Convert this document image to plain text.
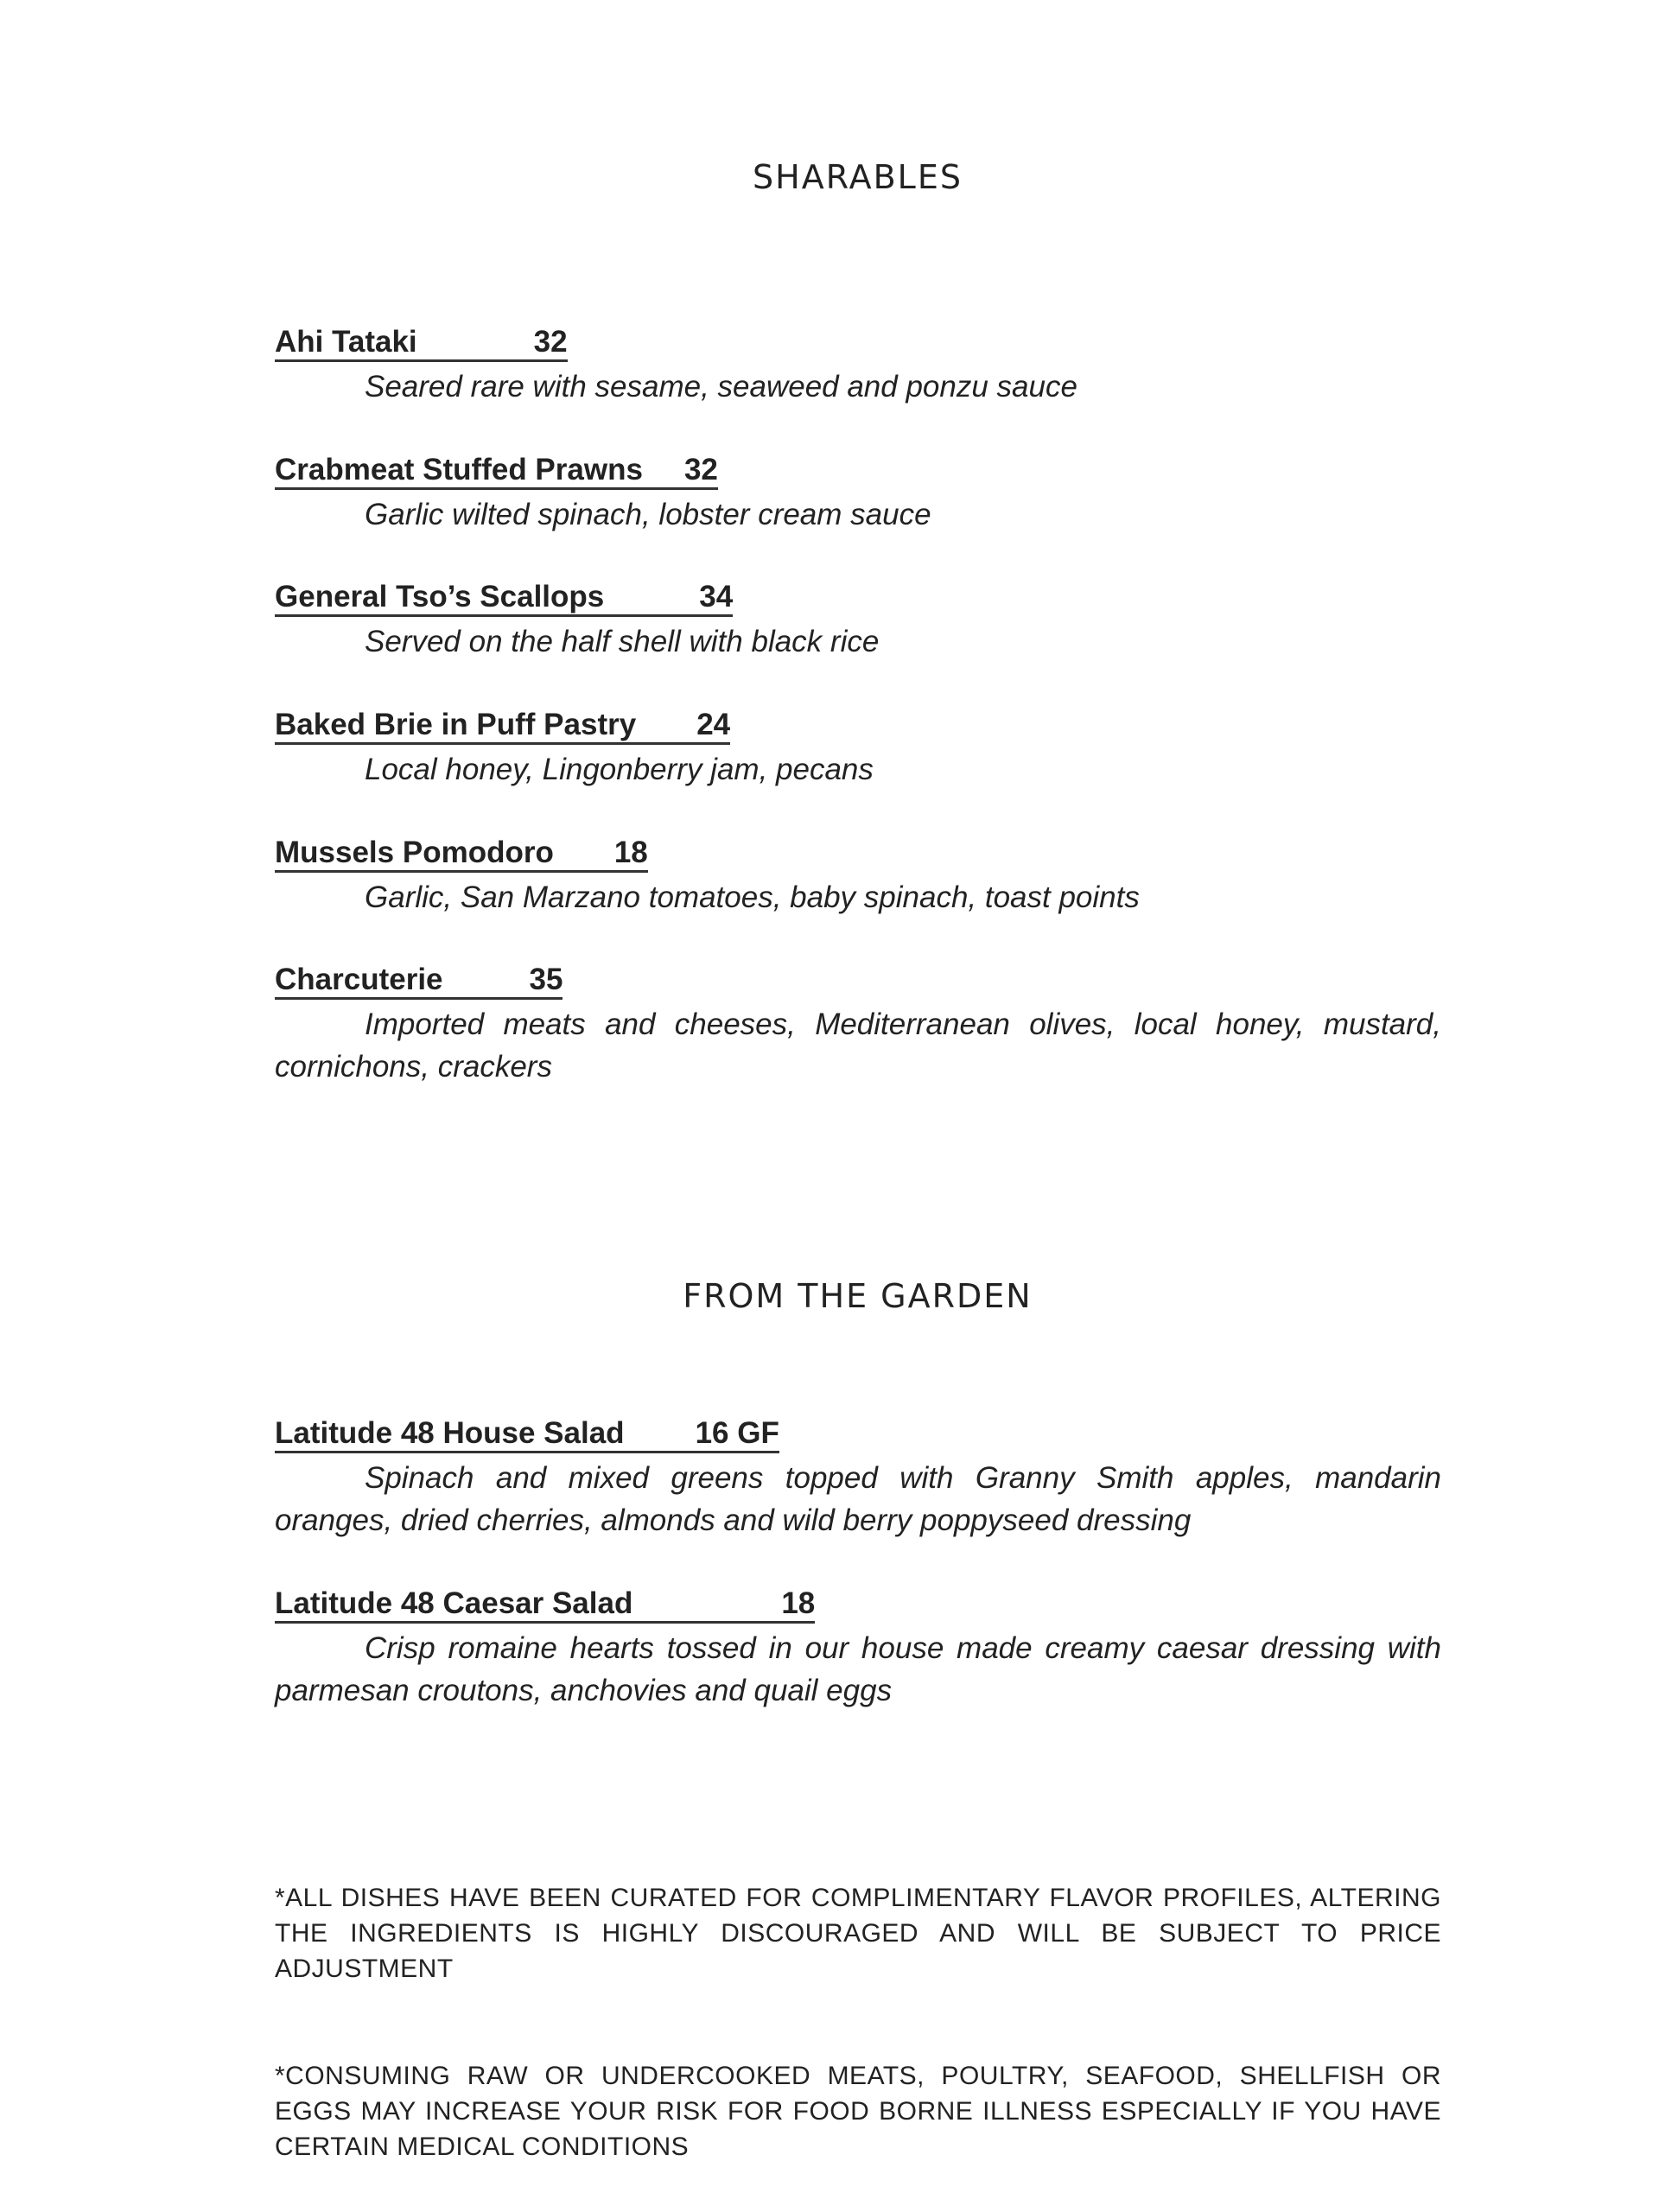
SHARABLES
Ahi Tataki	32
Seared rare with sesame, seaweed and ponzu sauce
Crabmeat Stuffed Prawns 32
Garlic wilted spinach, lobster cream sauce
General Tso’s Scallops	34
Served on the half shell with black rice
Baked Brie in Puff Pastry 24
Local honey, Lingonberry jam, pecans
Mussels Pomodoro 18
Garlic, San Marzano tomatoes, baby spinach, toast points
Charcuterie	35
Imported meats and cheeses, Mediterranean olives, local honey, mustard, cornichons, crackers
FROM THE GARDEN
Latitude 48 House Salad 16 GF
Spinach and mixed greens topped with Granny Smith apples, mandarin oranges, dried cherries, almonds and wild berry poppyseed dressing
Latitude 48 Caesar Salad	18
Crisp romaine hearts tossed in our house made creamy caesar dressing with parmesan croutons, anchovies and quail eggs
*ALL DISHES HAVE BEEN CURATED FOR COMPLIMENTARY FLAVOR PROFILES, ALTERING THE INGREDIENTS IS HIGHLY DISCOURAGED AND WILL BE SUBJECT TO PRICE ADJUSTMENT
*CONSUMING RAW OR UNDERCOOKED MEATS, POULTRY, SEAFOOD, SHELLFISH OR EGGS MAY INCREASE YOUR RISK FOR FOOD BORNE ILLNESS ESPECIALLY IF YOU HAVE CERTAIN MEDICAL CONDITIONS
